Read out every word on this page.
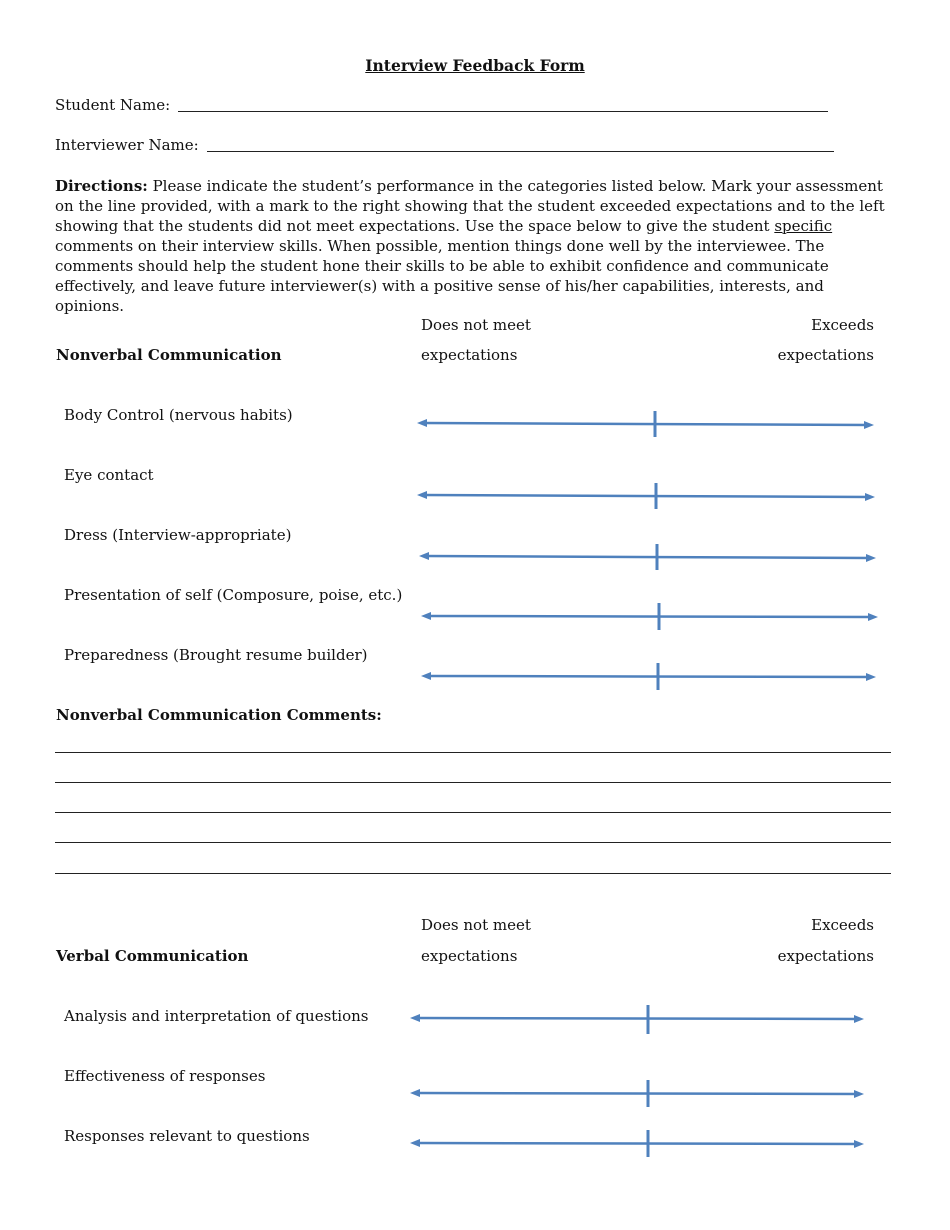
Interview Feedback Form
Student Name:
Interviewer Name:
Directions: Please indicate the student’s performance in the categories listed below. Mark your assessment on the line provided, with a mark to the right showing that the student exceeded expectations and to the left showing that the students did not meet expectations. Use the space below to give the student specific comments on their interview skills. When possible, mention things done well by the interviewee. The comments should help the student hone their skills to be able to exhibit confidence and communicate effectively, and leave future interviewer(s) with a positive sense of his/her capabilities, interests, and opinions.
Does not meet
expectations
Exceeds
expectations
Nonverbal Communication
Body Control (nervous habits)
Eye contact
Dress (Interview-appropriate)
Presentation of self (Composure, poise, etc.)
Preparedness (Brought resume builder)
Nonverbal Communication Comments:
Does not meet
expectations
Exceeds
expectations
Verbal Communication
Analysis and interpretation of questions
Effectiveness of responses
Responses relevant to questions
